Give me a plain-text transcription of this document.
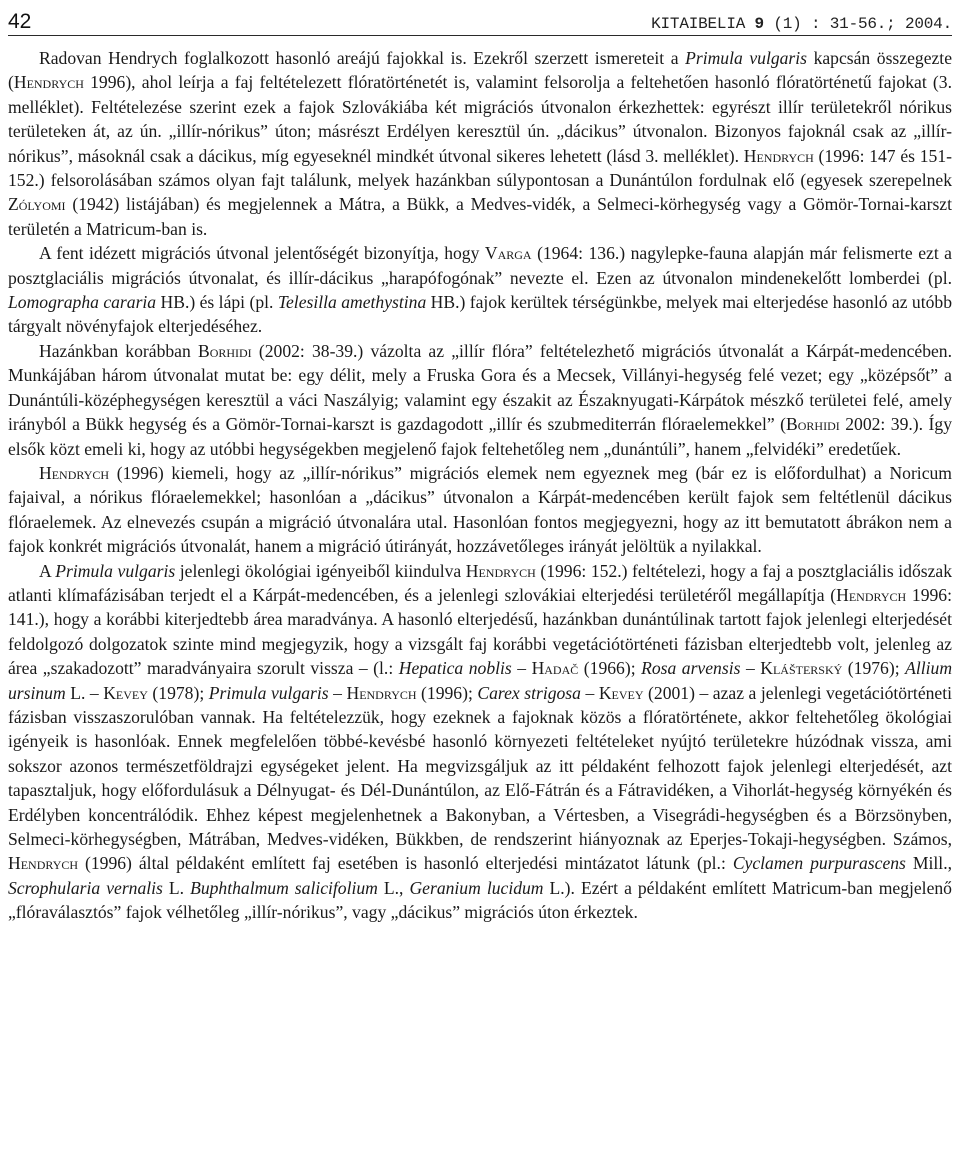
42	KITAIBELIA 9 (1) : 31-56.; 2004.

Radovan Hendrych foglalkozott hasonló areájú fajokkal is. Ezekről szerzett ismereteit a Primula vulgaris kapcsán összegezte (Hendrych 1996), ahol leírja a faj feltételezett flóratörténetét is, valamint felsorolja a feltehetően hasonló flóratörténetű fajokat (3. melléklet). Feltételezése szerint ezek a fajok Szlovákiába két migrációs útvonalon érkezhettek: egyrészt illír területekről nórikus területeken át, az ún. „illír-nórikus” úton; másrészt Erdélyen keresztül ún. „dácikus” útvonalon. Bizonyos fajoknál csak az „illír-nórikus”, másoknál csak a dácikus, míg egyeseknél mindkét útvonal sikeres lehetett (lásd 3. melléklet). Hendrych (1996: 147 és 151-152.) felsorolásában számos olyan fajt találunk, melyek hazánkban súlypontosan a Dunántúlon fordulnak elő (egyesek szerepelnek Zólyomi (1942) listájában) és megjelennek a Mátra, a Bükk, a Medves-vidék, a Selmeci-körhegység vagy a Gömör-Tornai-karszt területén a Matricum-ban is.

A fent idézett migrációs útvonal jelentőségét bizonyítja, hogy Varga (1964: 136.) nagylepke-fauna alapján már felismerte ezt a posztglaciális migrációs útvonalat, és illír-dácikus „harapófogónak” nevezte el. Ezen az útvonalon mindenekelőtt lomberdei (pl. Lomographa cararia HB.) és lápi (pl. Telesilla amethystina HB.) fajok kerültek térségünkbe, melyek mai elterjedése hasonló az utóbb tárgyalt növényfajok elterjedéséhez.

Hazánkban korábban Borhidi (2002: 38-39.) vázolta az „illír flóra” feltételezhető migrációs útvonalát a Kárpát-medencében. Munkájában három útvonalat mutat be: egy délit, mely a Fruska Gora és a Mecsek, Villányi-hegység felé vezet; egy „középsőt” a Dunántúli-középhegységen keresztül a váci Naszályig; valamint egy északit az Északnyugati-Kárpátok mészkő területei felé, amely irányból a Bükk hegység és a Gömör-Tornai-karszt is gazdagodott „illír és szubmediterrán flóraelemekkel” (Borhidi 2002: 39.). Így elsők közt emeli ki, hogy az utóbbi hegységekben megjelenő fajok feltehetőleg nem „dunántúli”, hanem „felvidéki” eredetűek.

Hendrych (1996) kiemeli, hogy az „illír-nórikus” migrációs elemek nem egyeznek meg (bár ez is előfordulhat) a Noricum fajaival, a nórikus flóraelemekkel; hasonlóan a „dácikus” útvonalon a Kárpát-medencében került fajok sem feltétlenül dácikus flóraelemek. Az elnevezés csupán a migráció útvonalára utal. Hasonlóan fontos megjegyezni, hogy az itt bemutatott ábrákon nem a fajok konkrét migrációs útvonalát, hanem a migráció útirányát, hozzávetőleges irányát jelöltük a nyilakkal.

A Primula vulgaris jelenlegi ökológiai igényeiből kiindulva Hendrych (1996: 152.) feltételezi, hogy a faj a posztglaciális időszak atlanti klímafázisában terjedt el a Kárpát-medencében, és a jelenlegi szlovákiai elterjedési területéről megállapítja (Hendrych 1996: 141.), hogy a korábbi kiterjedtebb área maradványa. A hasonló elterjedésű, hazánkban dunántúlinak tartott fajok jelenlegi elterjedését feldolgozó dolgozatok szinte mind megjegyzik, hogy a vizsgált faj korábbi vegetációtörténeti fázisban elterjedtebb volt, jelenleg az área „szakadozott” maradványaira szorult vissza – (l.: Hepatica noblis – Hadač (1966); Rosa arvensis – Klášterský (1976); Allium ursinum L. – Kevey (1978); Primula vulgaris – Hendrych (1996); Carex strigosa – Kevey (2001) – azaz a jelenlegi vegetációtörténeti fázisban visszaszorulóban vannak. Ha feltételezzük, hogy ezeknek a fajoknak közös a flóratörténete, akkor feltehetőleg ökológiai igényeik is hasonlóak. Ennek megfelelően többé-kevésbé hasonló környezeti feltételeket nyújtó területekre húzódnak vissza, ami sokszor azonos természetföldrajzi egységeket jelent. Ha megvizsgáljuk az itt példaként felhozott fajok jelenlegi elterjedését, azt tapasztaljuk, hogy előfordulásuk a Délnyugat- és Dél-Dunántúlon, az Elő-Fátrán és a Fátravidéken, a Vihorlát-hegység környékén és Erdélyben koncentrálódik. Ehhez képest megjelenhetnek a Bakonyban, a Vértesben, a Visegrádi-hegységben és a Börzsönyben, Selmeci-körhegységben, Mátrában, Medves-vidéken, Bükkben, de rendszerint hiányoznak az Eperjes-Tokaji-hegységben. Számos, Hendrych (1996) által példaként említett faj esetében is hasonló elterjedési mintázatot látunk (pl.: Cyclamen purpurascens Mill., Scrophularia vernalis L. Buphthalmum salicifolium L., Geranium lucidum L.). Ezért a példaként említett Matricum-ban megjelenő „flóraválasztós” fajok vélhetőleg „illír-nórikus”, vagy „dácikus” migrációs úton érkeztek.
